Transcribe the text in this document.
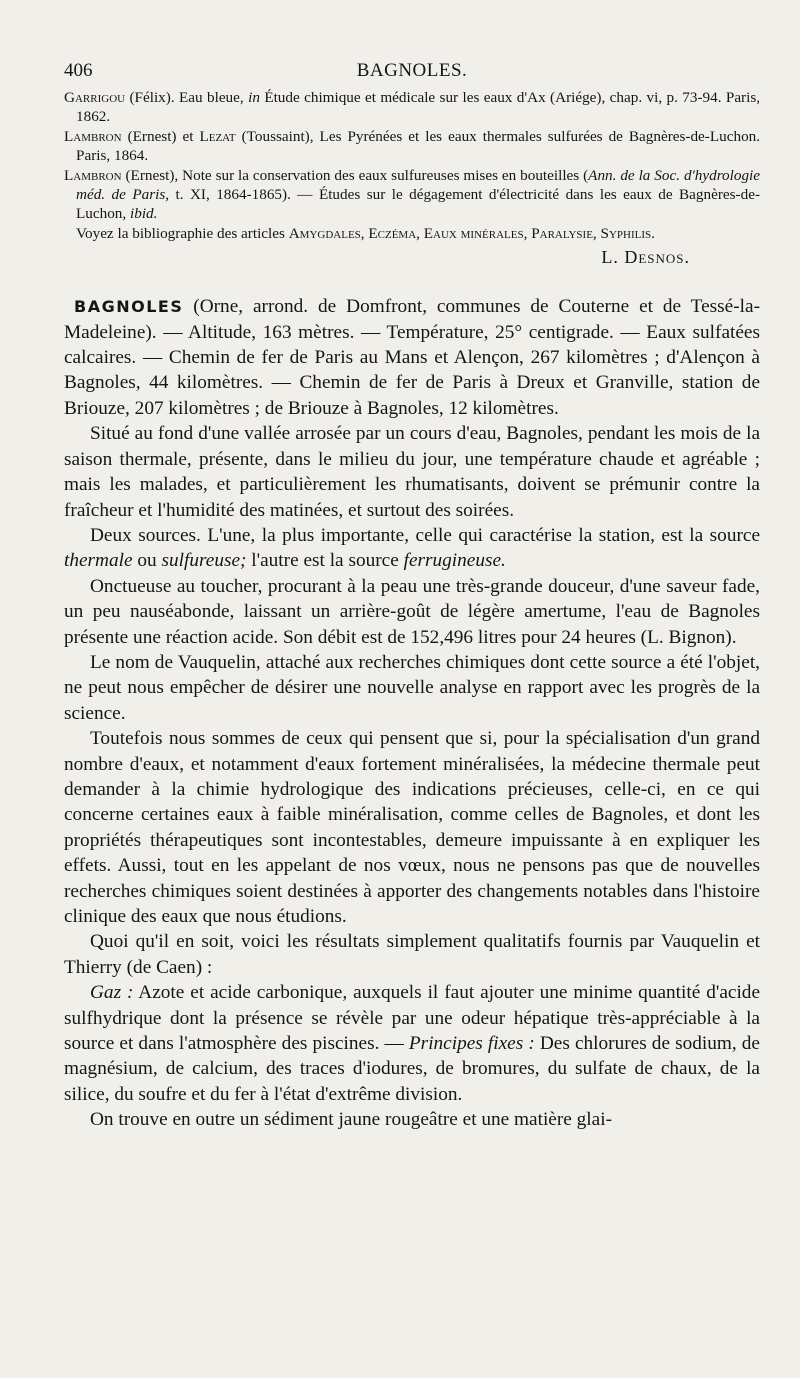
406	BAGNOLES.
Garrigou (Félix). Eau bleue, in Étude chimique et médicale sur les eaux d'Ax (Ariége), chap. vi, p. 73-94. Paris, 1862.
Lambron (Ernest) et Lezat (Toussaint), Les Pyrénées et les eaux thermales sulfurées de Bagnères-de-Luchon. Paris, 1864.
Lambron (Ernest), Note sur la conservation des eaux sulfureuses mises en bouteilles (Ann. de la Soc. d'hydrologie méd. de Paris, t. XI, 1864-1865). — Études sur le dégagement d'électricité dans les eaux de Bagnères-de-Luchon, ibid.
Voyez la bibliographie des articles Amygdales, Eczéma, Eaux minérales, Paralysie, Syphilis.
L. Desnos.

BAGNOLES (Orne, arrond. de Domfront, communes de Couterne et de Tessé-la-Madeleine). — Altitude, 163 mètres. — Température, 25° centigrade. — Eaux sulfatées calcaires. — Chemin de fer de Paris au Mans et Alençon, 267 kilomètres ; d'Alençon à Bagnoles, 44 kilomètres. — Chemin de fer de Paris à Dreux et Granville, station de Briouze, 207 kilomètres ; de Briouze à Bagnoles, 12 kilomètres.

Situé au fond d'une vallée arrosée par un cours d'eau, Bagnoles, pendant les mois de la saison thermale, présente, dans le milieu du jour, une température chaude et agréable ; mais les malades, et particulièrement les rhumatisants, doivent se prémunir contre la fraîcheur et l'humidité des matinées, et surtout des soirées.

Deux sources. L'une, la plus importante, celle qui caractérise la station, est la source thermale ou sulfureuse; l'autre est la source ferrugineuse.

Onctueuse au toucher, procurant à la peau une très-grande douceur, d'une saveur fade, un peu nauséabonde, laissant un arrière-goût de légère amertume, l'eau de Bagnoles présente une réaction acide. Son débit est de 152,496 litres pour 24 heures (L. Bignon).

Le nom de Vauquelin, attaché aux recherches chimiques dont cette source a été l'objet, ne peut nous empêcher de désirer une nouvelle analyse en rapport avec les progrès de la science.

Toutefois nous sommes de ceux qui pensent que si, pour la spécialisation d'un grand nombre d'eaux, et notamment d'eaux fortement minéralisées, la médecine thermale peut demander à la chimie hydrologique des indications précieuses, celle-ci, en ce qui concerne certaines eaux à faible minéralisation, comme celles de Bagnoles, et dont les propriétés thérapeutiques sont incontestables, demeure impuissante à en expliquer les effets. Aussi, tout en les appelant de nos vœux, nous ne pensons pas que de nouvelles recherches chimiques soient destinées à apporter des changements notables dans l'histoire clinique des eaux que nous étudions.

Quoi qu'il en soit, voici les résultats simplement qualitatifs fournis par Vauquelin et Thierry (de Caen) :

Gaz : Azote et acide carbonique, auxquels il faut ajouter une minime quantité d'acide sulfhydrique dont la présence se révèle par une odeur hépatique très-appréciable à la source et dans l'atmosphère des piscines. — Principes fixes : Des chlorures de sodium, de magnésium, de calcium, des traces d'iodures, de bromures, du sulfate de chaux, de la silice, du soufre et du fer à l'état d'extrême division.

On trouve en outre un sédiment jaune rougeâtre et une matière glai-
